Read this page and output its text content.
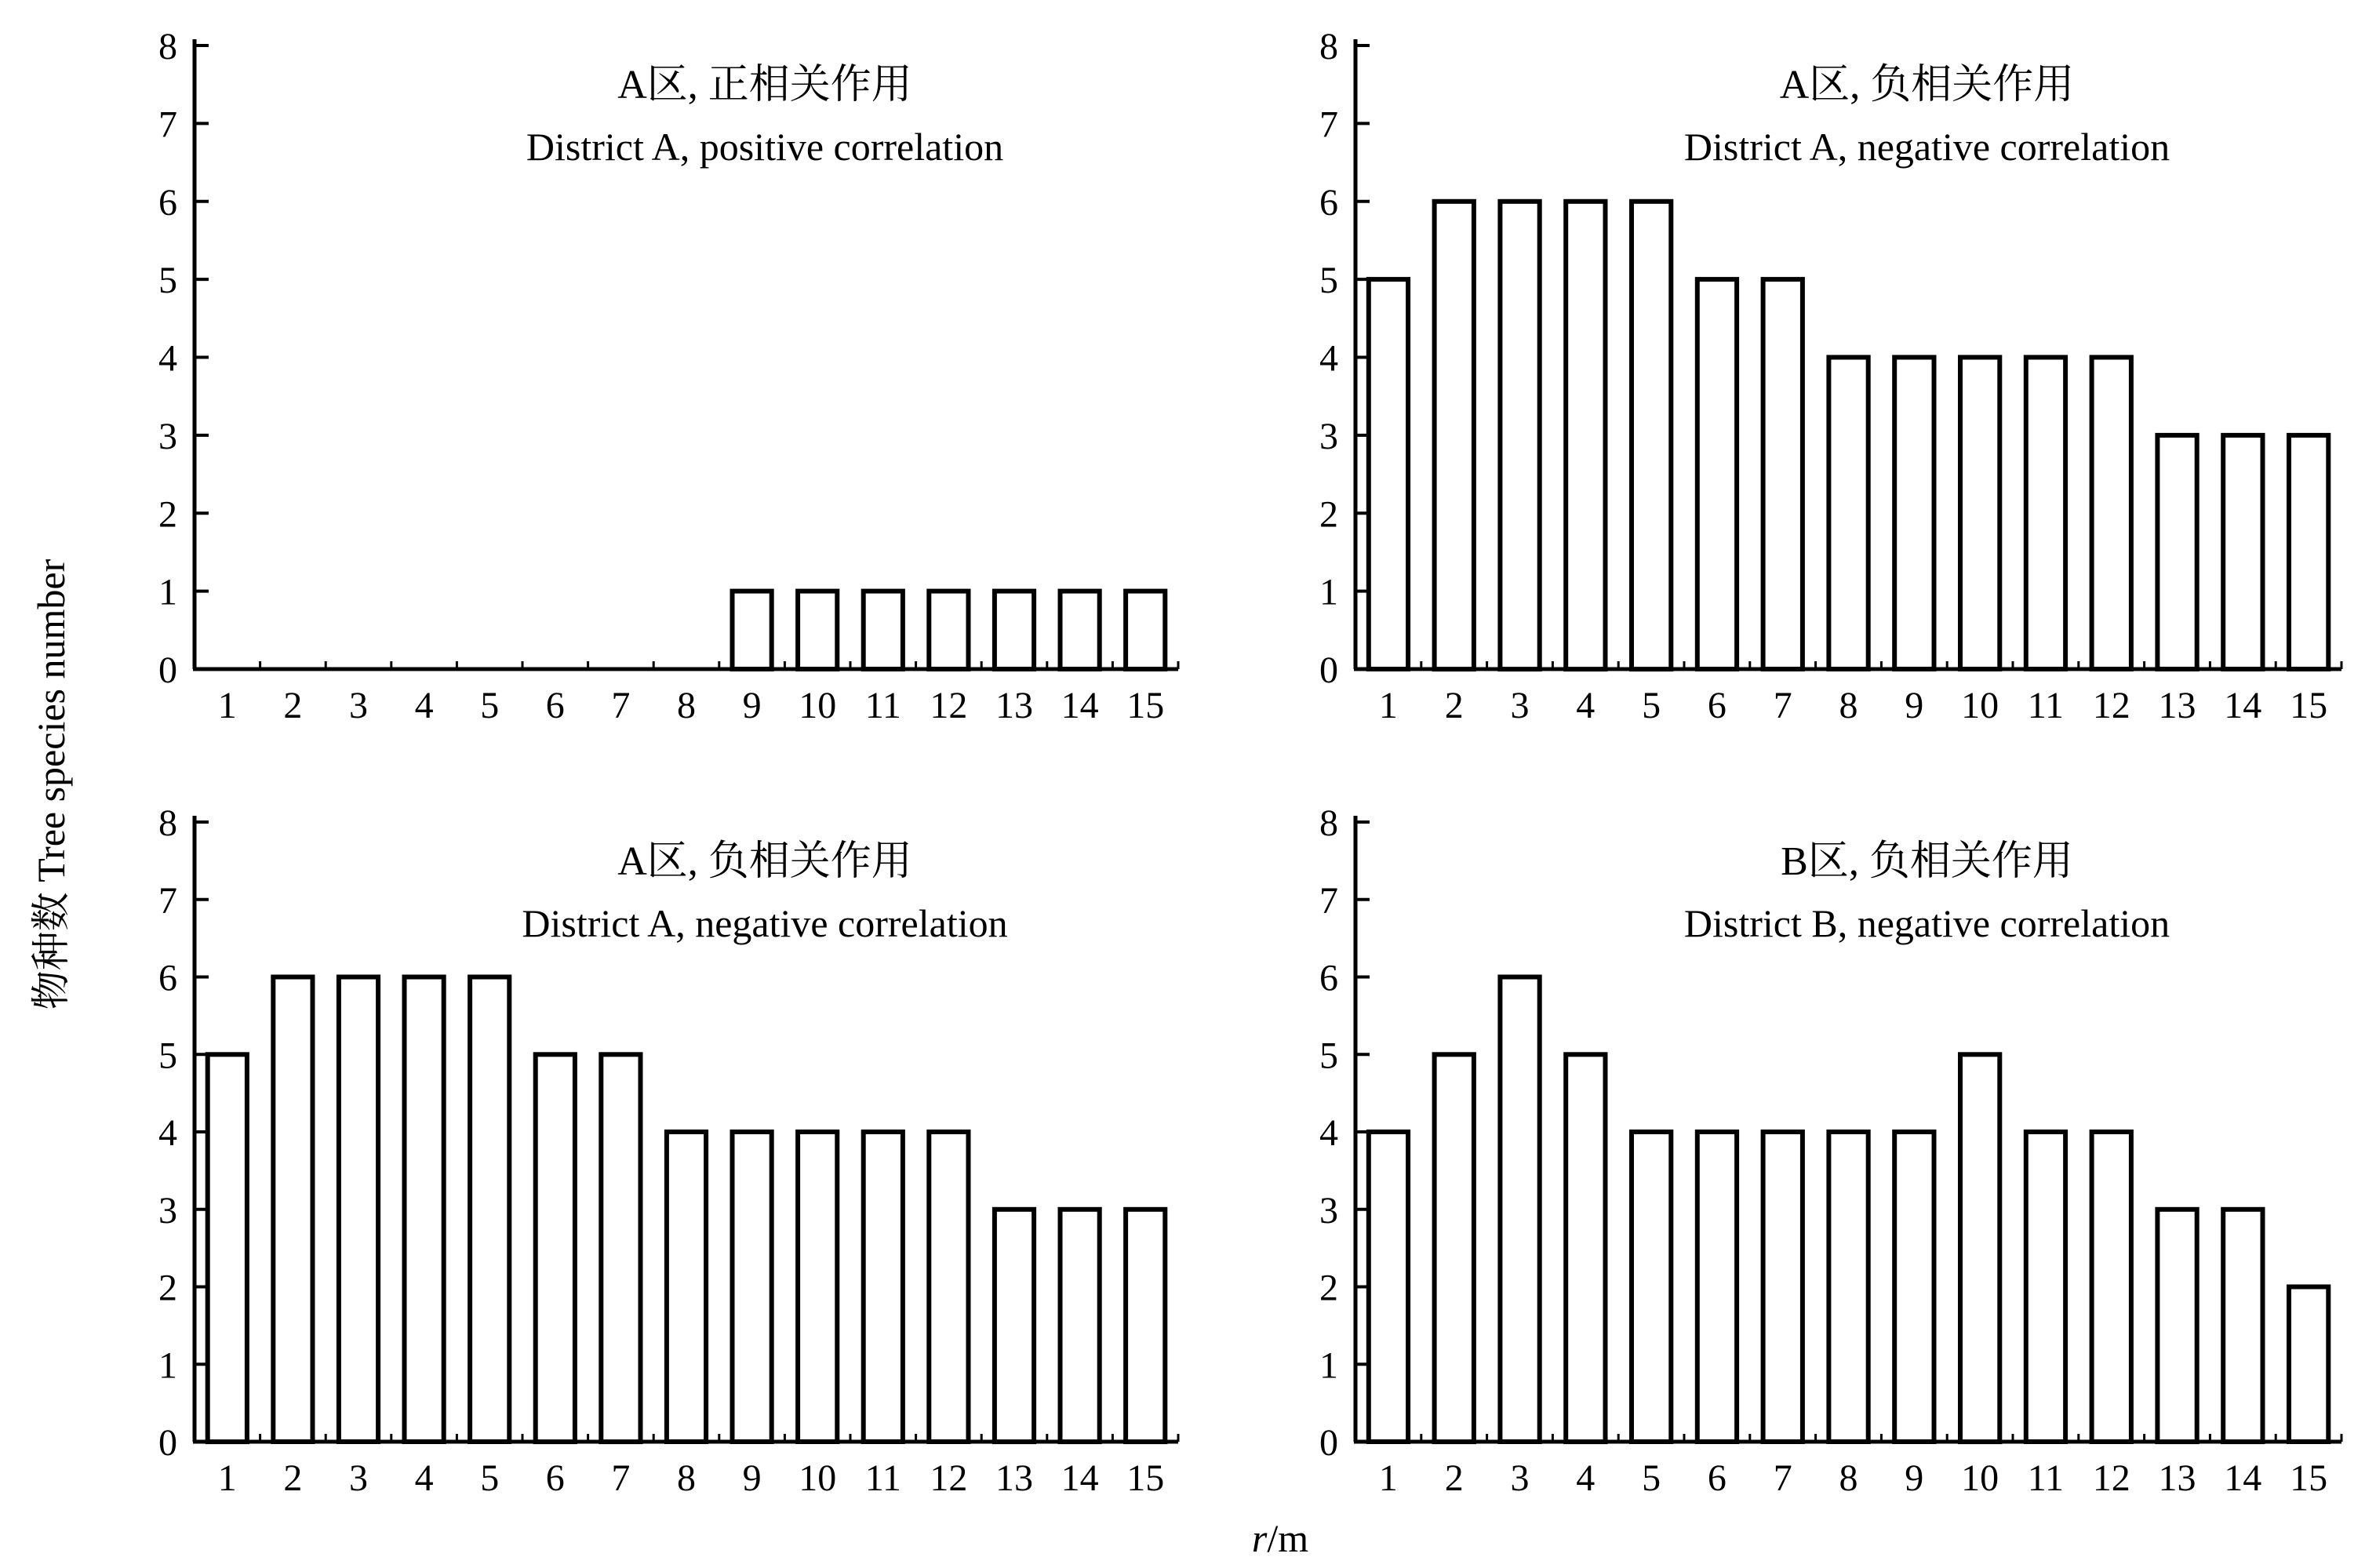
0
1
2
3
4
5
6
7
8
1 2 3 4 5 6 7 8 9 10 11 12 13 14 15
A区, 正相关作用
District A, positive correlation
0
1
2
3
4
5
6
7
8
1 2 3 4 5 6 7 8 9 10 11 12 13 14 15
A区, 负相关作用
District A, negative correlation
0
1
2
3
4
5
6
7
8
1 2 3 4 5 6 7 8 9 10 11 12 13 14 15
A区, 负相关作用
District A, negative correlation
0
1
2
3
4
5
6
7
8
1 2 3 4 5 6 7 8 9 10 11 12 13 14 15
B区, 负相关作用
District B, negative correlation
物种数 Tree species number
r/m
